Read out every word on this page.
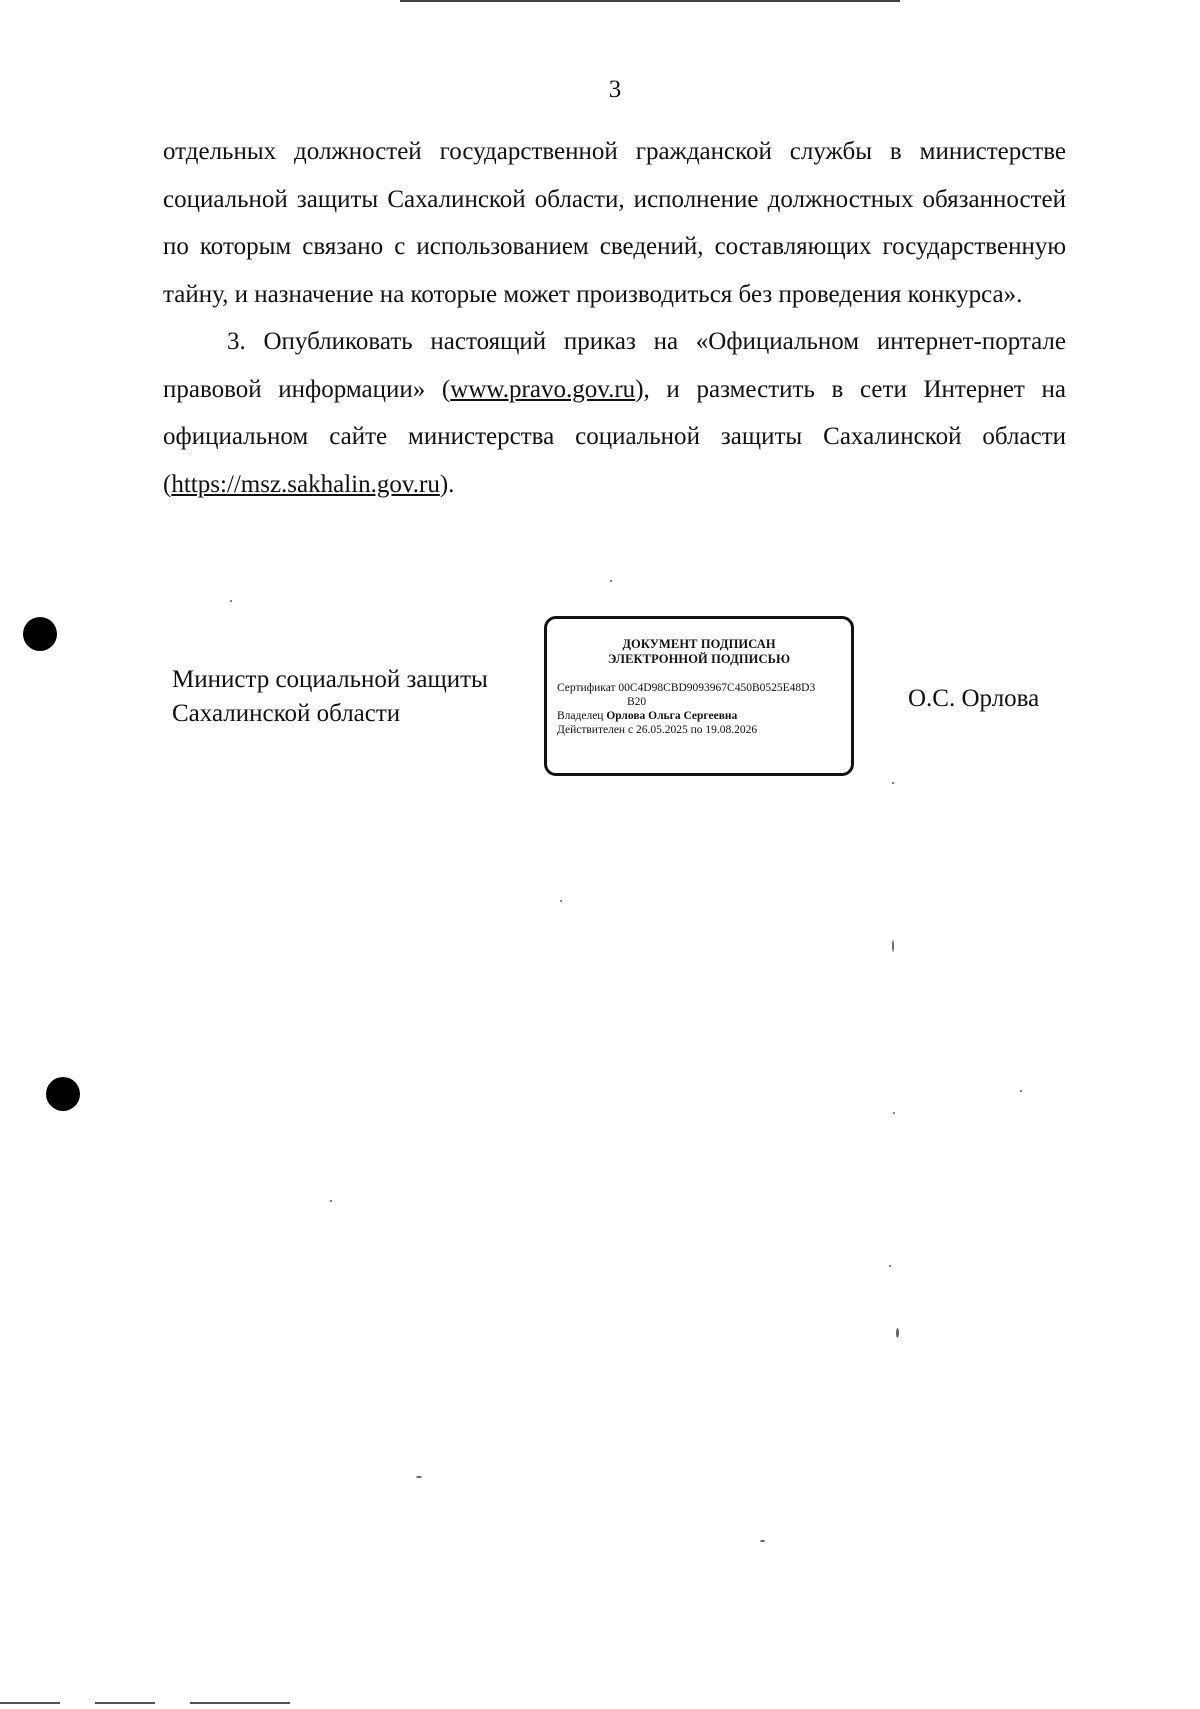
3

отдельных должностей государственной гражданской службы в министерстве социальной защиты Сахалинской области, исполнение должностных обязанностей по которым связано с использованием сведений, составляющих государственную тайну, и назначение на которые может производиться без проведения конкурса».

3. Опубликовать настоящий приказ на «Официальном интернет-портале правовой информации» (www.pravo.gov.ru), и разместить в сети Интернет на официальном сайте министерства социальной защиты Сахалинской области (https://msz.sakhalin.gov.ru).

Министр социальной защиты
Сахалинской области
ДОКУМЕНТ ПОДПИСАН
ЭЛЕКТРОННОЙ ПОДПИСЬЮ
Сертификат 00C4D98CBD9093967C450B0525E48D3
B20
Владелец Орлова Ольга Сергеевна
Действителен с 26.05.2025 по 19.08.2026
О.С. Орлова
